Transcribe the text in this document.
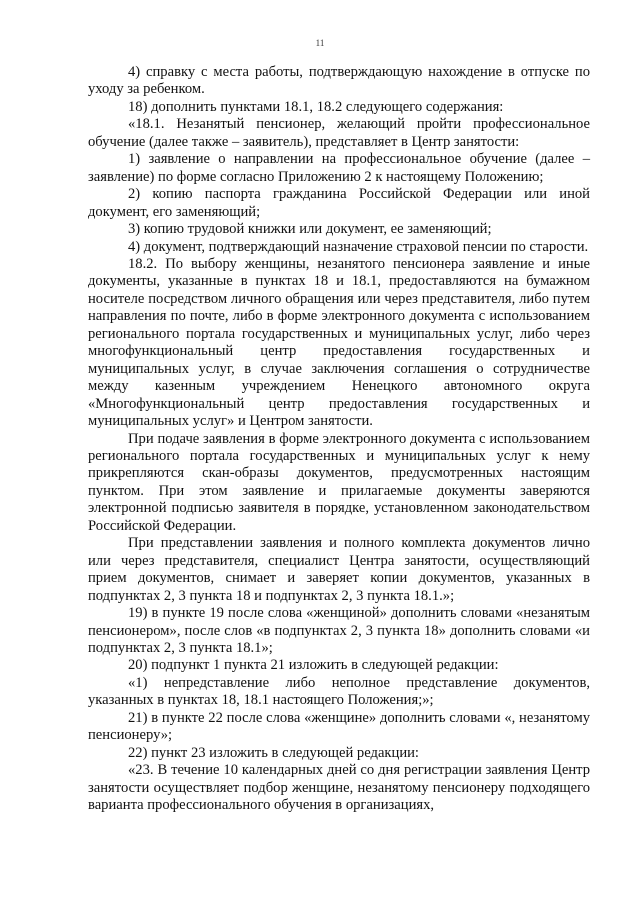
11

4) справку с места работы, подтверждающую нахождение в отпуске по уходу за ребенком.

18) дополнить пунктами 18.1, 18.2 следующего содержания:

«18.1. Незанятый пенсионер, желающий пройти профессиональное обучение (далее также – заявитель), представляет в Центр занятости:

1) заявление о направлении на профессиональное обучение (далее – заявление) по форме согласно Приложению 2 к настоящему Положению;

2) копию паспорта гражданина Российской Федерации или иной документ, его заменяющий;

3) копию трудовой книжки или документ, ее заменяющий;

4) документ, подтверждающий назначение страховой пенсии по старости.

18.2. По выбору женщины, незанятого пенсионера заявление и иные документы, указанные в пунктах 18 и 18.1, предоставляются на бумажном носителе посредством личного обращения или через представителя, либо путем направления по почте, либо в форме электронного документа с использованием регионального портала государственных и муниципальных услуг, либо через многофункциональный центр предоставления государственных и муниципальных услуг, в случае заключения соглашения о сотрудничестве между казенным учреждением Ненецкого автономного округа «Многофункциональный центр предоставления государственных и муниципальных услуг» и Центром занятости.

При подаче заявления в форме электронного документа с использованием регионального портала государственных и муниципальных услуг к нему прикрепляются скан-образы документов, предусмотренных настоящим пунктом. При этом заявление и прилагаемые документы заверяются электронной подписью заявителя в порядке, установленном законодательством Российской Федерации.

При представлении заявления и полного комплекта документов лично или через представителя, специалист Центра занятости, осуществляющий прием документов, снимает и заверяет копии документов, указанных в подпунктах 2, 3 пункта 18 и подпунктах 2, 3 пункта 18.1.»;

19) в пункте 19 после слова «женщиной» дополнить словами «незанятым пенсионером», после слов «в подпунктах 2, 3 пункта 18» дополнить словами «и подпунктах 2, 3 пункта 18.1»;

20) подпункт 1 пункта 21 изложить в следующей редакции:

«1) непредставление либо неполное представление документов, указанных в пунктах 18, 18.1 настоящего Положения;»;

21) в пункте 22 после слова «женщине» дополнить словами «, незанятому пенсионеру»;

22) пункт 23 изложить в следующей редакции:

«23. В течение 10 календарных дней со дня регистрации заявления Центр занятости осуществляет подбор женщине, незанятому пенсионеру подходящего варианта профессионального обучения в организациях,
